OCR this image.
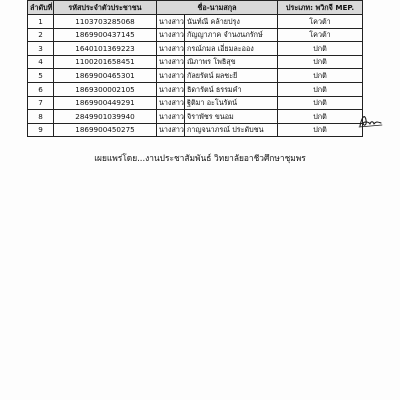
ลำดับที่	รหัสประจำตัวประชาชน	ชื่อ-นามสกุล		ประเภท: พวิกจี MEP.
1	1103703285068	นางสาว	นันท์ณี คล้ายปรุง	โควต้า
2	1869900437145	นางสาว	กัญญาภาค จำนงนภรักษ์	โควต้า
3	1640101369223	นางสาว	กรณ์กมล เอี่ยมละออง	ปกติ
4	1100201658451	นางสาว	ณิภาพร โพธิสุข	ปกติ
5	1869900465301	นางสาว	กัลยรัตน์ ผลชะยี	ปกติ
6	1869300002105	นางสาว	ธิดารัตน์ ธรรมคำ	ปกติ
7	1869900449291	นางสาว	ฐิติมา อะโนรัตน์	ปกติ
8	2849901039940	นางสาว	จิราพัชร ขนอม	ปกติ
9	1869900450275	นางสาว	กาญจนาภรณ์ ประดับชน	ปกติ
เผยแพร่โดย...งานประชาสัมพันธ์ วิทยาลัยอาชีวศึกษาชุมพร
